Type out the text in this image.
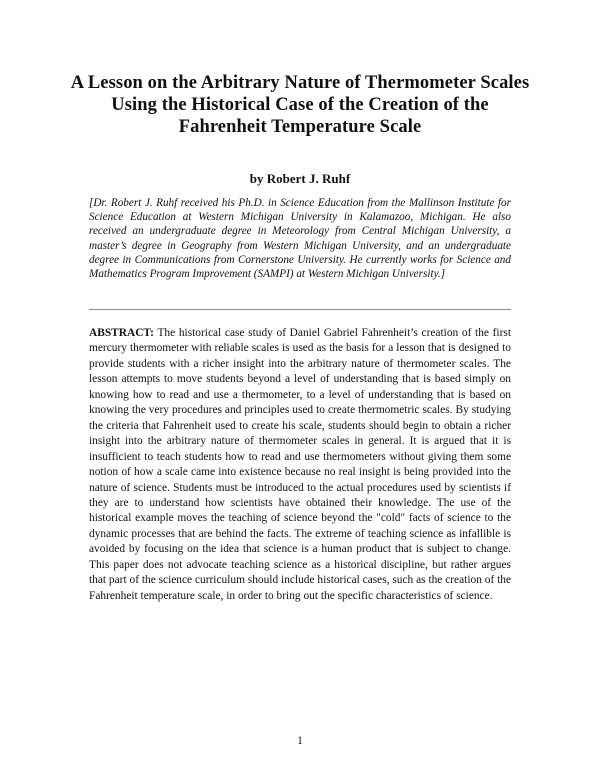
A Lesson on the Arbitrary Nature of Thermometer Scales Using the Historical Case of the Creation of the Fahrenheit Temperature Scale

by Robert J. Ruhf

[Dr. Robert J. Ruhf received his Ph.D. in Science Education from the Mallinson Institute for Science Education at Western Michigan University in Kalamazoo, Michigan. He also received an undergraduate degree in Meteorology from Central Michigan University, a master’s degree in Geography from Western Michigan University, and an undergraduate degree in Communications from Cornerstone University. He currently works for Science and Mathematics Program Improvement (SAMPI) at Western Michigan University.]

ABSTRACT: The historical case study of Daniel Gabriel Fahrenheit’s creation of the first mercury thermometer with reliable scales is used as the basis for a lesson that is designed to provide students with a richer insight into the arbitrary nature of thermometer scales. The lesson attempts to move students beyond a level of understanding that is based simply on knowing how to read and use a thermometer, to a level of understanding that is based on knowing the very procedures and principles used to create thermometric scales. By studying the criteria that Fahrenheit used to create his scale, students should begin to obtain a richer insight into the arbitrary nature of thermometer scales in general. It is argued that it is insufficient to teach students how to read and use thermometers without giving them some notion of how a scale came into existence because no real insight is being provided into the nature of science. Students must be introduced to the actual procedures used by scientists if they are to understand how scientists have obtained their knowledge. The use of the historical example moves the teaching of science beyond the "cold" facts of science to the dynamic processes that are behind the facts. The extreme of teaching science as infallible is avoided by focusing on the idea that science is a human product that is subject to change. This paper does not advocate teaching science as a historical discipline, but rather argues that part of the science curriculum should include historical cases, such as the creation of the Fahrenheit temperature scale, in order to bring out the specific characteristics of science.

1
